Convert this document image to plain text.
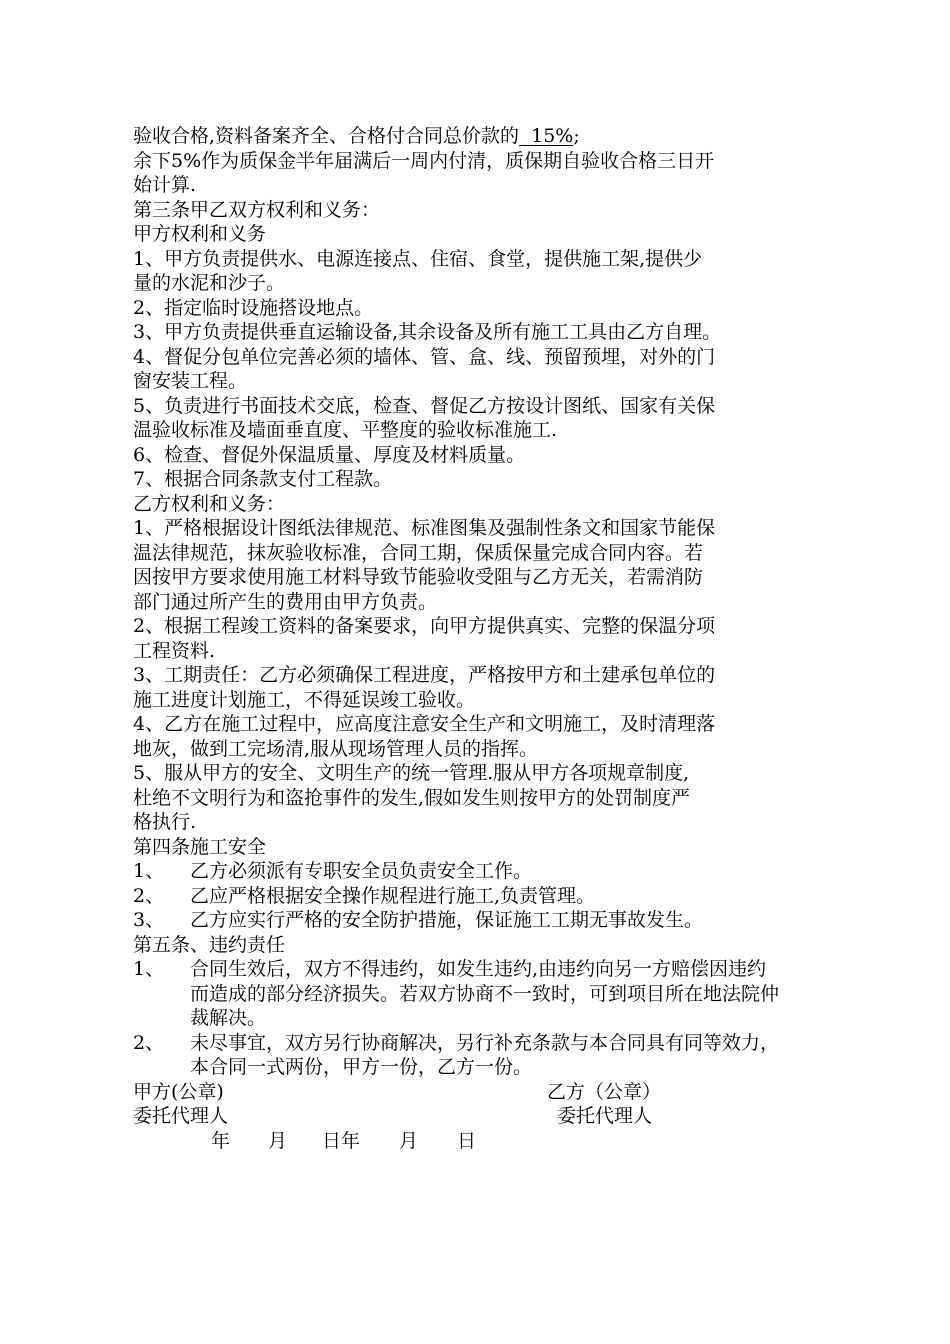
验收合格,资料备案齐全、合格付合同总价款的  15%;
余下5%作为质保金半年届满后一周内付清，质保期自验收合格三日开
始计算.
第三条甲乙双方权利和义务：
甲方权利和义务
1、甲方负责提供水、电源连接点、住宿、食堂，提供施工架,提供少
量的水泥和沙子。
2、指定临时设施搭设地点。
3、甲方负责提供垂直运输设备,其余设备及所有施工工具由乙方自理。
4、督促分包单位完善必须的墙体、管、盒、线、预留预埋，对外的门
窗安装工程。
5、负责进行书面技术交底，检查、督促乙方按设计图纸、国家有关保
温验收标准及墙面垂直度、平整度的验收标准施工.
6、检查、督促外保温质量、厚度及材料质量。
7、根据合同条款支付工程款。
乙方权利和义务：
1、严格根据设计图纸法律规范、标准图集及强制性条文和国家节能保
温法律规范，抹灰验收标准，合同工期，保质保量完成合同内容。若
因按甲方要求使用施工材料导致节能验收受阻与乙方无关，若需消防
部门通过所产生的费用由甲方负责。
2、根据工程竣工资料的备案要求，向甲方提供真实、完整的保温分项
工程资料.
3、工期责任：乙方必须确保工程进度，严格按甲方和土建承包单位的
施工进度计划施工，不得延误竣工验收。
4、乙方在施工过程中，应高度注意安全生产和文明施工，及时清理落
地灰，做到工完场清,服从现场管理人员的指挥。
5、服从甲方的安全、文明生产的统一管理.服从甲方各项规章制度,
杜绝不文明行为和盗抢事件的发生,假如发生则按甲方的处罚制度严
格执行.
第四条施工安全
1、 乙方必须派有专职安全员负责安全工作。
2、 乙应严格根据安全操作规程进行施工,负责管理。
3、 乙方应实行严格的安全防护措施，保证施工工期无事故发生。
第五条、违约责任
1、	合同生效后，双方不得违约，如发生违约,由违约向另一方赔偿因违约
而造成的部分经济损失。若双方协商不一致时，可到项目所在地法院仲
裁解决。
2、	未尽事宜，双方另行协商解决，另行补充条款与本合同具有同等效力，
本合同一式两份，甲方一份，乙方一份。
甲方(公章)	乙方（公章）
委托代理人	委托代理人
年 月 日年 月 日
